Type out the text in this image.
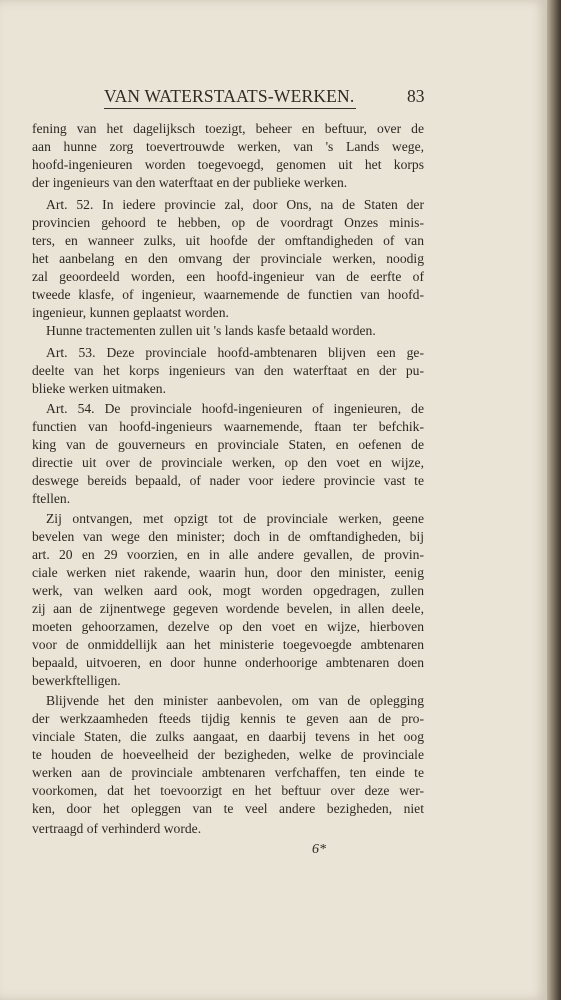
VAN WATERSTAATS-WERKEN.	83
fening van het dagelijksch toezigt, beheer en beftuur, over de
aan hunne zorg toevertrouwde werken, van 's Lands wege,
hoofd-ingenieuren worden toegevoegd, genomen uit het korps
der ingenieurs van den waterftaat en der publieke werken.
Art. 52. In iedere provincie zal, door Ons, na de Staten der
provincien gehoord te hebben, op de voordragt Onzes minis-
ters, en wanneer zulks, uit hoofde der omftandigheden of van
het aanbelang en den omvang der provinciale werken, noodig
zal geoordeeld worden, een hoofd-ingenieur van de eerfte of
tweede klasfe, of ingenieur, waarnemende de functien van hoofd-
ingenieur, kunnen geplaatst worden.
Hunne tractementen zullen uit 's lands kasfe betaald worden.
Art. 53. Deze provinciale hoofd-ambtenaren blijven een ge-
deelte van het korps ingenieurs van den waterftaat en der pu-
blieke werken uitmaken.
Art. 54. De provinciale hoofd-ingenieuren of ingenieuren, de
functien van hoofd-ingenieurs waarnemende, ftaan ter befchik-
king van de gouverneurs en provinciale Staten, en oefenen de
directie uit over de provinciale werken, op den voet en wijze,
deswege bereids bepaald, of nader voor iedere provincie vast te
ftellen.
Zij ontvangen, met opzigt tot de provinciale werken, geene
bevelen van wege den minister; doch in de omftandigheden, bij
art. 20 en 29 voorzien, en in alle andere gevallen, de provin-
ciale werken niet rakende, waarin hun, door den minister, eenig
werk, van welken aard ook, mogt worden opgedragen, zullen
zij aan de zijnentwege gegeven wordende bevelen, in allen deele,
moeten gehoorzamen, dezelve op den voet en wijze, hierboven
voor de onmiddellijk aan het ministerie toegevoegde ambtenaren
bepaald, uitvoeren, en door hunne onderhoorige ambtenaren doen
bewerkftelligen.
Blijvende het den minister aanbevolen, om van de oplegging
der werkzaamheden fteeds tijdig kennis te geven aan de pro-
vinciale Staten, die zulks aangaat, en daarbij tevens in het oog
te houden de hoeveelheid der bezigheden, welke de provinciale
werken aan de provinciale ambtenaren verfchaffen, ten einde te
voorkomen, dat het toevoorzigt en het beftuur over deze wer-
ken, door het opleggen van te veel andere bezigheden, niet
vertraagd of verhinderd worde.
6*
